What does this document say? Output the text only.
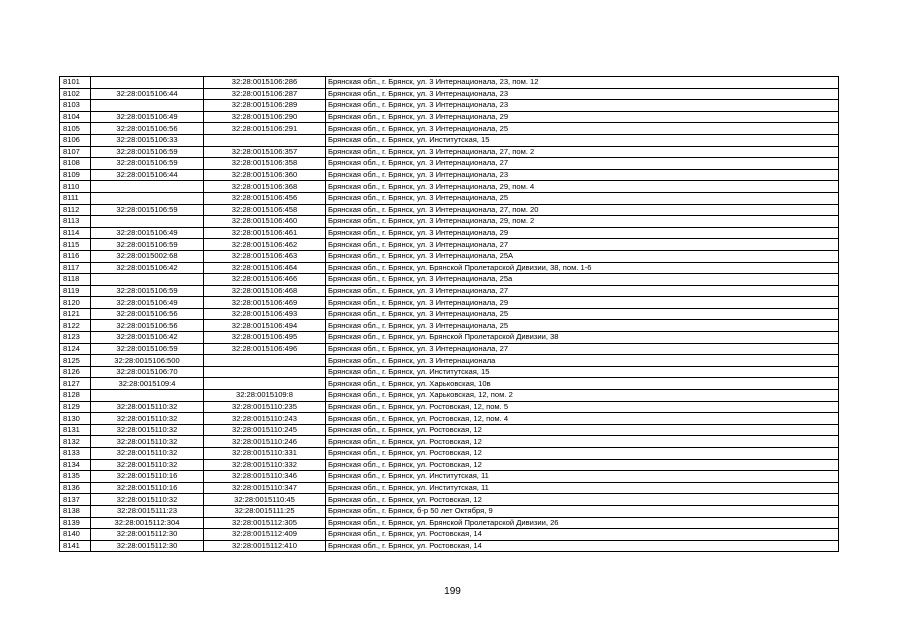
8101		32:28:0015106:286	Брянская обл., г. Брянск, ул. 3 Интернационала, 23, пом. 12
8102	32:28:0015106:44	32:28:0015106:287	Брянская обл., г. Брянск, ул. 3 Интернационала, 23
8103		32:28:0015106:289	Брянская обл., г. Брянск, ул. 3 Интернационала, 23
8104	32:28:0015106:49	32:28:0015106:290	Брянская обл., г. Брянск, ул. 3 Интернационала, 29
8105	32:28:0015106:56	32:28:0015106:291	Брянская обл., г. Брянск, ул. 3 Интернационала, 25
8106	32:28:0015106:33		Брянская обл., г. Брянск, ул. Институтская, 15
8107	32:28:0015106:59	32:28:0015106:357	Брянская обл., г. Брянск, ул. 3 Интернационала, 27, пом. 2
8108	32:28:0015106:59	32:28:0015106:358	Брянская обл., г. Брянск, ул. 3 Интернационала, 27
8109	32:28:0015106:44	32:28:0015106:360	Брянская обл., г. Брянск, ул. 3 Интернационала, 23
8110		32:28:0015106:368	Брянская обл., г. Брянск, ул. 3 Интернационала, 29, пом. 4
8111		32:28:0015106:456	Брянская обл., г. Брянск, ул. 3 Интернационала, 25
8112	32:28:0015106:59	32:28:0015106:458	Брянская обл., г. Брянск, ул. 3 Интернационала, 27, пом. 20
8113		32:28:0015106:460	Брянская обл., г. Брянск, ул. 3 Интернационала, 29, пом. 2
8114	32:28:0015106:49	32:28:0015106:461	Брянская обл., г. Брянск, ул. 3 Интернационала, 29
8115	32:28:0015106:59	32:28:0015106:462	Брянская обл., г. Брянск, ул. 3 Интернационала, 27
8116	32:28:0015002:68	32:28:0015106:463	Брянская обл., г. Брянск, ул. 3 Интернационала, 25А
8117	32:28:0015106:42	32:28:0015106:464	Брянская обл., г. Брянск, ул. Брянской Пролетарской Дивизии, 38, пом. 1-6
8118		32:28:0015106:466	Брянская обл., г. Брянск, ул. 3 Интернационала, 25а
8119	32:28:0015106:59	32:28:0015106:468	Брянская обл., г. Брянск, ул. 3 Интернационала, 27
8120	32:28:0015106:49	32:28:0015106:469	Брянская обл., г. Брянск, ул. 3 Интернационала, 29
8121	32:28:0015106:56	32:28:0015106:493	Брянская обл., г. Брянск, ул. 3 Интернационала, 25
8122	32:28:0015106:56	32:28:0015106:494	Брянская обл., г. Брянск, ул. 3 Интернационала, 25
8123	32:28:0015106:42	32:28:0015106:495	Брянская обл., г. Брянск, ул. Брянской Пролетарской Дивизии, 38
8124	32:28:0015106:59	32:28:0015106:496	Брянская обл., г. Брянск, ул. 3 Интернационала, 27
8125	32:28:0015106:500		Брянская обл., г. Брянск, ул. 3 Интернационала
8126	32:28:0015106:70		Брянская обл., г. Брянск, ул. Институтская, 15
8127	32:28:0015109:4		Брянская обл., г. Брянск, ул. Харьковская, 10в
8128		32:28:0015109:8	Брянская обл., г. Брянск, ул. Харьковская, 12, пом. 2
8129	32:28:0015110:32	32:28:0015110:235	Брянская обл., г. Брянск, ул. Ростовская, 12, пом. 5
8130	32:28:0015110:32	32:28:0015110:243	Брянская обл., г. Брянск, ул. Ростовская, 12, пом. 4
8131	32:28:0015110:32	32:28:0015110:245	Брянская обл., г. Брянск, ул. Ростовская, 12
8132	32:28:0015110:32	32:28:0015110:246	Брянская обл., г. Брянск, ул. Ростовская, 12
8133	32:28:0015110:32	32:28:0015110:331	Брянская обл., г. Брянск, ул. Ростовская, 12
8134	32:28:0015110:32	32:28:0015110:332	Брянская обл., г. Брянск, ул. Ростовская, 12
8135	32:28:0015110:16	32:28:0015110:346	Брянская обл., г. Брянск, ул. Институтская, 11
8136	32:28:0015110:16	32:28:0015110:347	Брянская обл., г. Брянск, ул. Институтская, 11
8137	32:28:0015110:32	32:28:0015110:45	Брянская обл., г. Брянск, ул. Ростовская, 12
8138	32:28:0015111:23	32:28:0015111:25	Брянская обл., г. Брянск, б-р 50 лет Октября, 9
8139	32:28:0015112:304	32:28:0015112:305	Брянская обл., г. Брянск, ул. Брянской Пролетарской Дивизии, 26
8140	32:28:0015112:30	32:28:0015112:409	Брянская обл., г. Брянск, ул. Ростовская, 14
8141	32:28:0015112:30	32:28:0015112:410	Брянская обл., г. Брянск, ул. Ростовская, 14
199
